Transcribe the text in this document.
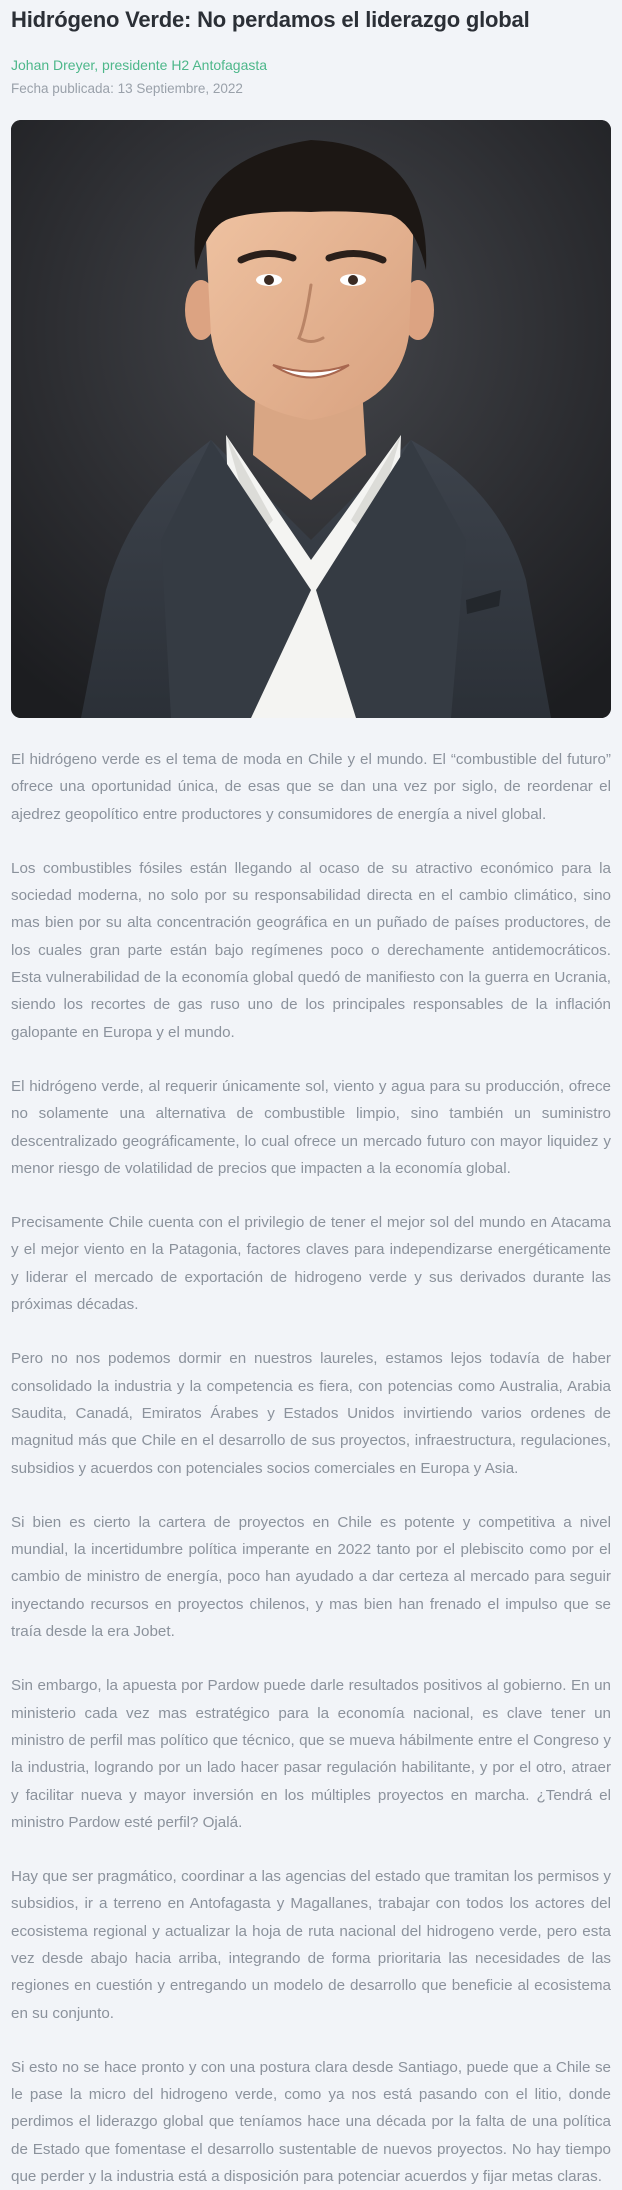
Hidrógeno Verde: No perdamos el liderazgo global
Johan Dreyer, presidente H2 Antofagasta
Fecha publicada: 13 Septiembre, 2022

El hidrógeno verde es el tema de moda en Chile y el mundo. El “combustible del futuro” ofrece una oportunidad única, de esas que se dan una vez por siglo, de reordenar el ajedrez geopolítico entre productores y consumidores de energía a nivel global.

Los combustibles fósiles están llegando al ocaso de su atractivo económico para la sociedad moderna, no solo por su responsabilidad directa en el cambio climático, sino mas bien por su alta concentración geográfica en un puñado de países productores, de los cuales gran parte están bajo regímenes poco o derechamente antidemocráticos. Esta vulnerabilidad de la economía global quedó de manifiesto con la guerra en Ucrania, siendo los recortes de gas ruso uno de los principales responsables de la inflación galopante en Europa y el mundo.

El hidrógeno verde, al requerir únicamente sol, viento y agua para su producción, ofrece no solamente una alternativa de combustible limpio, sino también un suministro descentralizado geográficamente, lo cual ofrece un mercado futuro con mayor liquidez y menor riesgo de volatilidad de precios que impacten a la economía global.

Precisamente Chile cuenta con el privilegio de tener el mejor sol del mundo en Atacama y el mejor viento en la Patagonia, factores claves para independizarse energéticamente y liderar el mercado de exportación de hidrogeno verde y sus derivados durante las próximas décadas.

Pero no nos podemos dormir en nuestros laureles, estamos lejos todavía de haber consolidado la industria y la competencia es fiera, con potencias como Australia, Arabia Saudita, Canadá, Emiratos Árabes y Estados Unidos invirtiendo varios ordenes de magnitud más que Chile en el desarrollo de sus proyectos, infraestructura, regulaciones, subsidios y acuerdos con potenciales socios comerciales en Europa y Asia.

Si bien es cierto la cartera de proyectos en Chile es potente y competitiva a nivel mundial, la incertidumbre política imperante en 2022 tanto por el plebiscito como por el cambio de ministro de energía, poco han ayudado a dar certeza al mercado para seguir inyectando recursos en proyectos chilenos, y mas bien han frenado el impulso que se traía desde la era Jobet.

Sin embargo, la apuesta por Pardow puede darle resultados positivos al gobierno. En un ministerio cada vez mas estratégico para la economía nacional, es clave tener un ministro de perfil mas político que técnico, que se mueva hábilmente entre el Congreso y la industria, logrando por un lado hacer pasar regulación habilitante, y por el otro, atraer y facilitar nueva y mayor inversión en los múltiples proyectos en marcha. ¿Tendrá el ministro Pardow esté perfil? Ojalá.

Hay que ser pragmático, coordinar a las agencias del estado que tramitan los permisos y subsidios, ir a terreno en Antofagasta y Magallanes, trabajar con todos los actores del ecosistema regional y actualizar la hoja de ruta nacional del hidrogeno verde, pero esta vez desde abajo hacia arriba, integrando de forma prioritaria las necesidades de las regiones en cuestión y entregando un modelo de desarrollo que beneficie al ecosistema en su conjunto.

Si esto no se hace pronto y con una postura clara desde Santiago, puede que a Chile se le pase la micro del hidrogeno verde, como ya nos está pasando con el litio, donde perdimos el liderazgo global que teníamos hace una década por la falta de una política de Estado que fomentase el desarrollo sustentable de nuevos proyectos. No hay tiempo que perder y la industria está a disposición para potenciar acuerdos y fijar metas claras.
